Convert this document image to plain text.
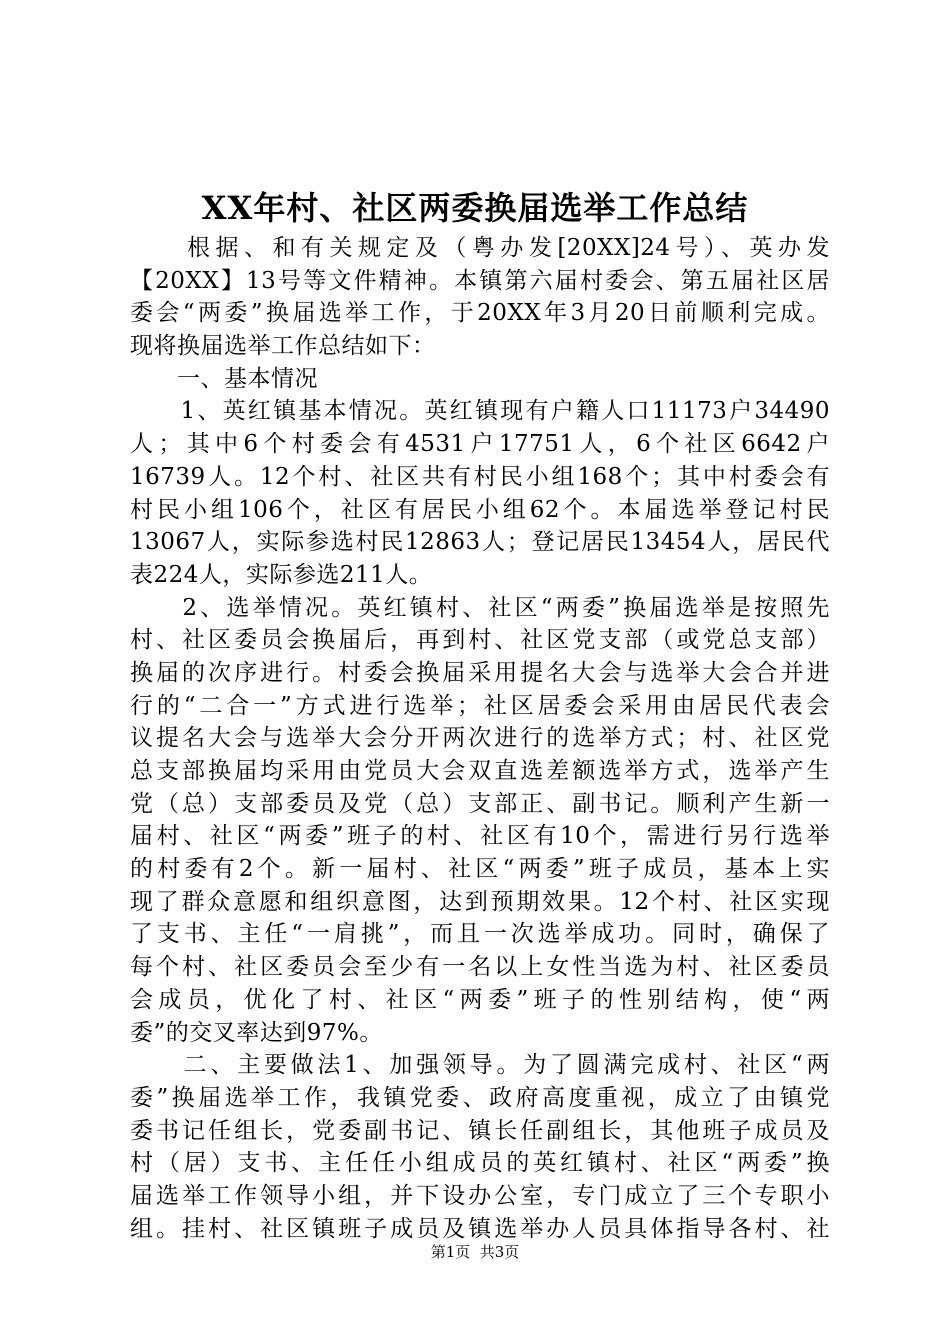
XX年村、社区两委换届选举工作总结
　　根据、和有关规定及（粤办发[20XX]24号）、英办发
【20XX】13号等文件精神。本镇第六届村委会、第五届社区居
委会“两委”换届选举工作，于20XX年3月20日前顺利完成。
现将换届选举工作总结如下：
　　一、基本情况
　　1、英红镇基本情况。英红镇现有户籍人口11173户34490
人；其中6个村委会有4531户17751人，6个社区6642户
16739人。12个村、社区共有村民小组168个；其中村委会有
村民小组106个，社区有居民小组62个。本届选举登记村民
13067人，实际参选村民12863人；登记居民13454人，居民代
表224人，实际参选211人。
　　2、选举情况。英红镇村、社区“两委”换届选举是按照先
村、社区委员会换届后，再到村、社区党支部（或党总支部）
换届的次序进行。村委会换届采用提名大会与选举大会合并进
行的“二合一”方式进行选举；社区居委会采用由居民代表会
议提名大会与选举大会分开两次进行的选举方式；村、社区党
总支部换届均采用由党员大会双直选差额选举方式，选举产生
党（总）支部委员及党（总）支部正、副书记。顺利产生新一
届村、社区“两委”班子的村、社区有10个，需进行另行选举
的村委有2个。新一届村、社区“两委”班子成员，基本上实
现了群众意愿和组织意图，达到预期效果。12个村、社区实现
了支书、主任“一肩挑”，而且一次选举成功。同时，确保了
每个村、社区委员会至少有一名以上女性当选为村、社区委员
会成员，优化了村、社区“两委”班子的性别结构，使“两
委”的交叉率达到97%。
　　二、主要做法1、加强领导。为了圆满完成村、社区“两
委”换届选举工作，我镇党委、政府高度重视，成立了由镇党
委书记任组长，党委副书记、镇长任副组长，其他班子成员及
村（居）支书、主任任小组成员的英红镇村、社区“两委”换
届选举工作领导小组，并下设办公室，专门成立了三个专职小
组。挂村、社区镇班子成员及镇选举办人员具体指导各村、社
第1页  共3页
